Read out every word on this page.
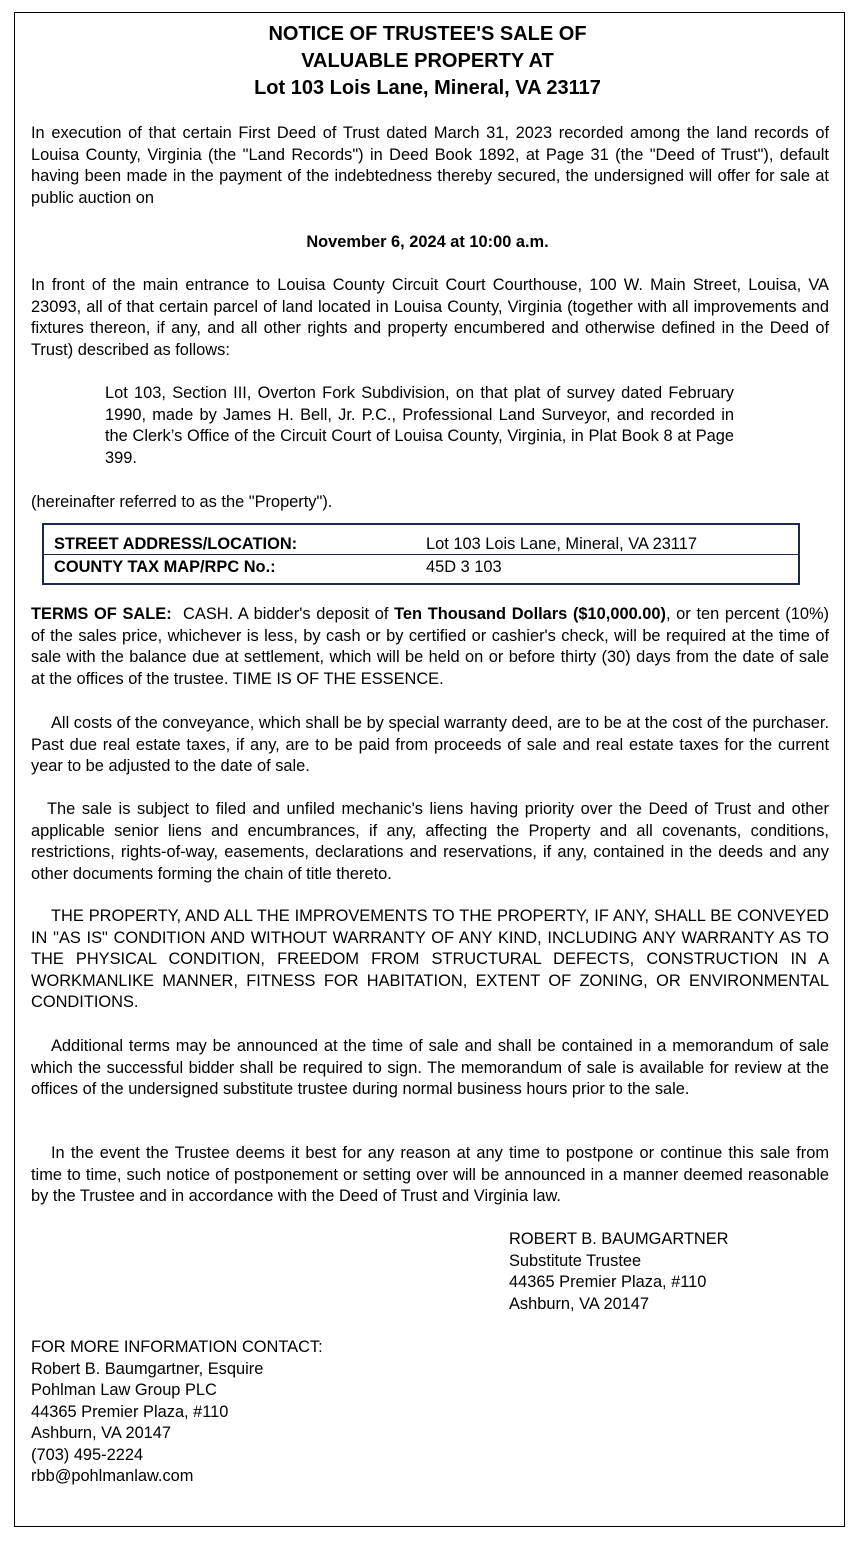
NOTICE OF TRUSTEE'S SALE OF
VALUABLE PROPERTY AT
Lot 103 Lois Lane, Mineral, VA 23117
In execution of that certain First Deed of Trust dated March 31, 2023 recorded among the land records of Louisa County, Virginia (the "Land Records") in Deed Book 1892, at Page 31 (the "Deed of Trust"), default having been made in the payment of the indebtedness thereby secured, the undersigned will offer for sale at public auction on
November 6, 2024 at 10:00 a.m.
In front of the main entrance to Louisa County Circuit Court Courthouse, 100 W. Main Street, Louisa, VA 23093, all of that certain parcel of land located in Louisa County, Virginia (together with all improvements and fixtures thereon, if any, and all other rights and property encumbered and otherwise defined in the Deed of Trust) described as follows:
Lot 103, Section III, Overton Fork Subdivision, on that plat of survey dated February 1990, made by James H. Bell, Jr. P.C., Professional Land Surveyor, and recorded in the Clerk’s Office of the Circuit Court of Louisa County, Virginia, in Plat Book 8 at Page 399.
(hereinafter referred to as the "Property").
STREET ADDRESS/LOCATION:	Lot 103 Lois Lane, Mineral, VA 23117
COUNTY TAX MAP/RPC No.:	45D 3 103
TERMS OF SALE:  CASH. A bidder's deposit of Ten Thousand Dollars ($10,000.00), or ten percent (10%) of the sales price, whichever is less, by cash or by certified or cashier's check, will be required at the time of sale with the balance due at settlement, which will be held on or before thirty (30) days from the date of sale at the offices of the trustee. TIME IS OF THE ESSENCE.
All costs of the conveyance, which shall be by special warranty deed, are to be at the cost of the purchaser. Past due real estate taxes, if any, are to be paid from proceeds of sale and real estate taxes for the current year to be adjusted to the date of sale.
The sale is subject to filed and unfiled mechanic's liens having priority over the Deed of Trust and other applicable senior liens and encumbrances, if any, affecting the Property and all covenants, conditions, restrictions, rights-of-way, easements, declarations and reservations, if any, contained in the deeds and any other documents forming the chain of title thereto.
THE PROPERTY, AND ALL THE IMPROVEMENTS TO THE PROPERTY, IF ANY, SHALL BE CONVEYED IN "AS IS" CONDITION AND WITHOUT WARRANTY OF ANY KIND, INCLUDING ANY WARRANTY AS TO THE PHYSICAL CONDITION, FREEDOM FROM STRUCTURAL DEFECTS, CONSTRUCTION IN A WORKMANLIKE MANNER, FITNESS FOR HABITATION, EXTENT OF ZONING, OR ENVIRONMENTAL CONDITIONS.
Additional terms may be announced at the time of sale and shall be contained in a memorandum of sale which the successful bidder shall be required to sign. The memorandum of sale is available for review at the offices of the undersigned substitute trustee during normal business hours prior to the sale.
In the event the Trustee deems it best for any reason at any time to postpone or continue this sale from time to time, such notice of postponement or setting over will be announced in a manner deemed reasonable by the Trustee and in accordance with the Deed of Trust and Virginia law.
ROBERT B. BAUMGARTNER
Substitute Trustee
44365 Premier Plaza, #110
Ashburn, VA 20147
FOR MORE INFORMATION CONTACT:
Robert B. Baumgartner, Esquire
Pohlman Law Group PLC
44365 Premier Plaza, #110
Ashburn, VA 20147
(703) 495-2224
rbb@pohlmanlaw.com
